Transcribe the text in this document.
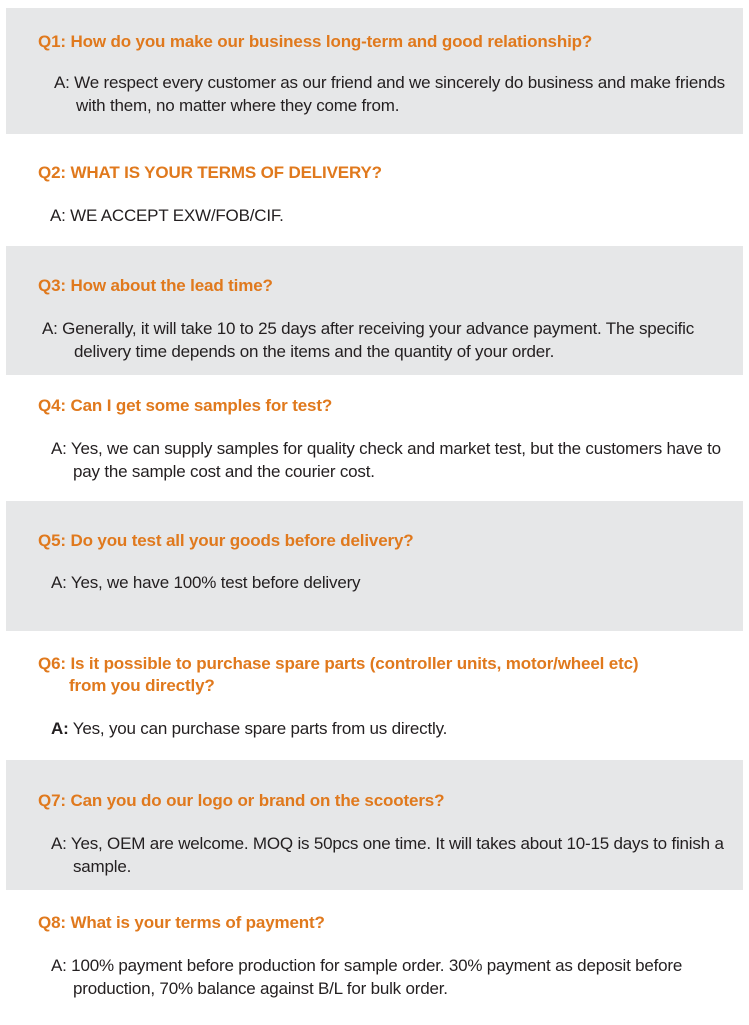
Q1: How do you make our business long-term and good relationship?
A: We respect every customer as our friend and we sincerely do business and make friends with them, no matter where they come from.
Q2: WHAT IS YOUR TERMS OF DELIVERY?
A: WE ACCEPT EXW/FOB/CIF.
Q3: How about the lead time?
A: Generally, it will take 10 to 25 days after receiving your advance payment. The specific delivery time depends on the items and the quantity of your order.
Q4: Can I get some samples for test?
A: Yes, we can supply samples for quality check and market test, but the customers have to pay the sample cost and the courier cost.
Q5: Do you test all your goods before delivery?
A: Yes, we have 100% test before delivery
Q6: Is it possible to purchase spare parts (controller units, motor/wheel etc)
from you directly?
A: Yes, you can purchase spare parts from us directly.
Q7: Can you do our logo or brand on the scooters?
A: Yes, OEM are welcome. MOQ is 50pcs one time. It will takes about 10-15 days to finish a sample.
Q8: What is your terms of payment?
A: 100% payment before production for sample order. 30% payment as deposit before production, 70% balance against B/L for bulk order.
